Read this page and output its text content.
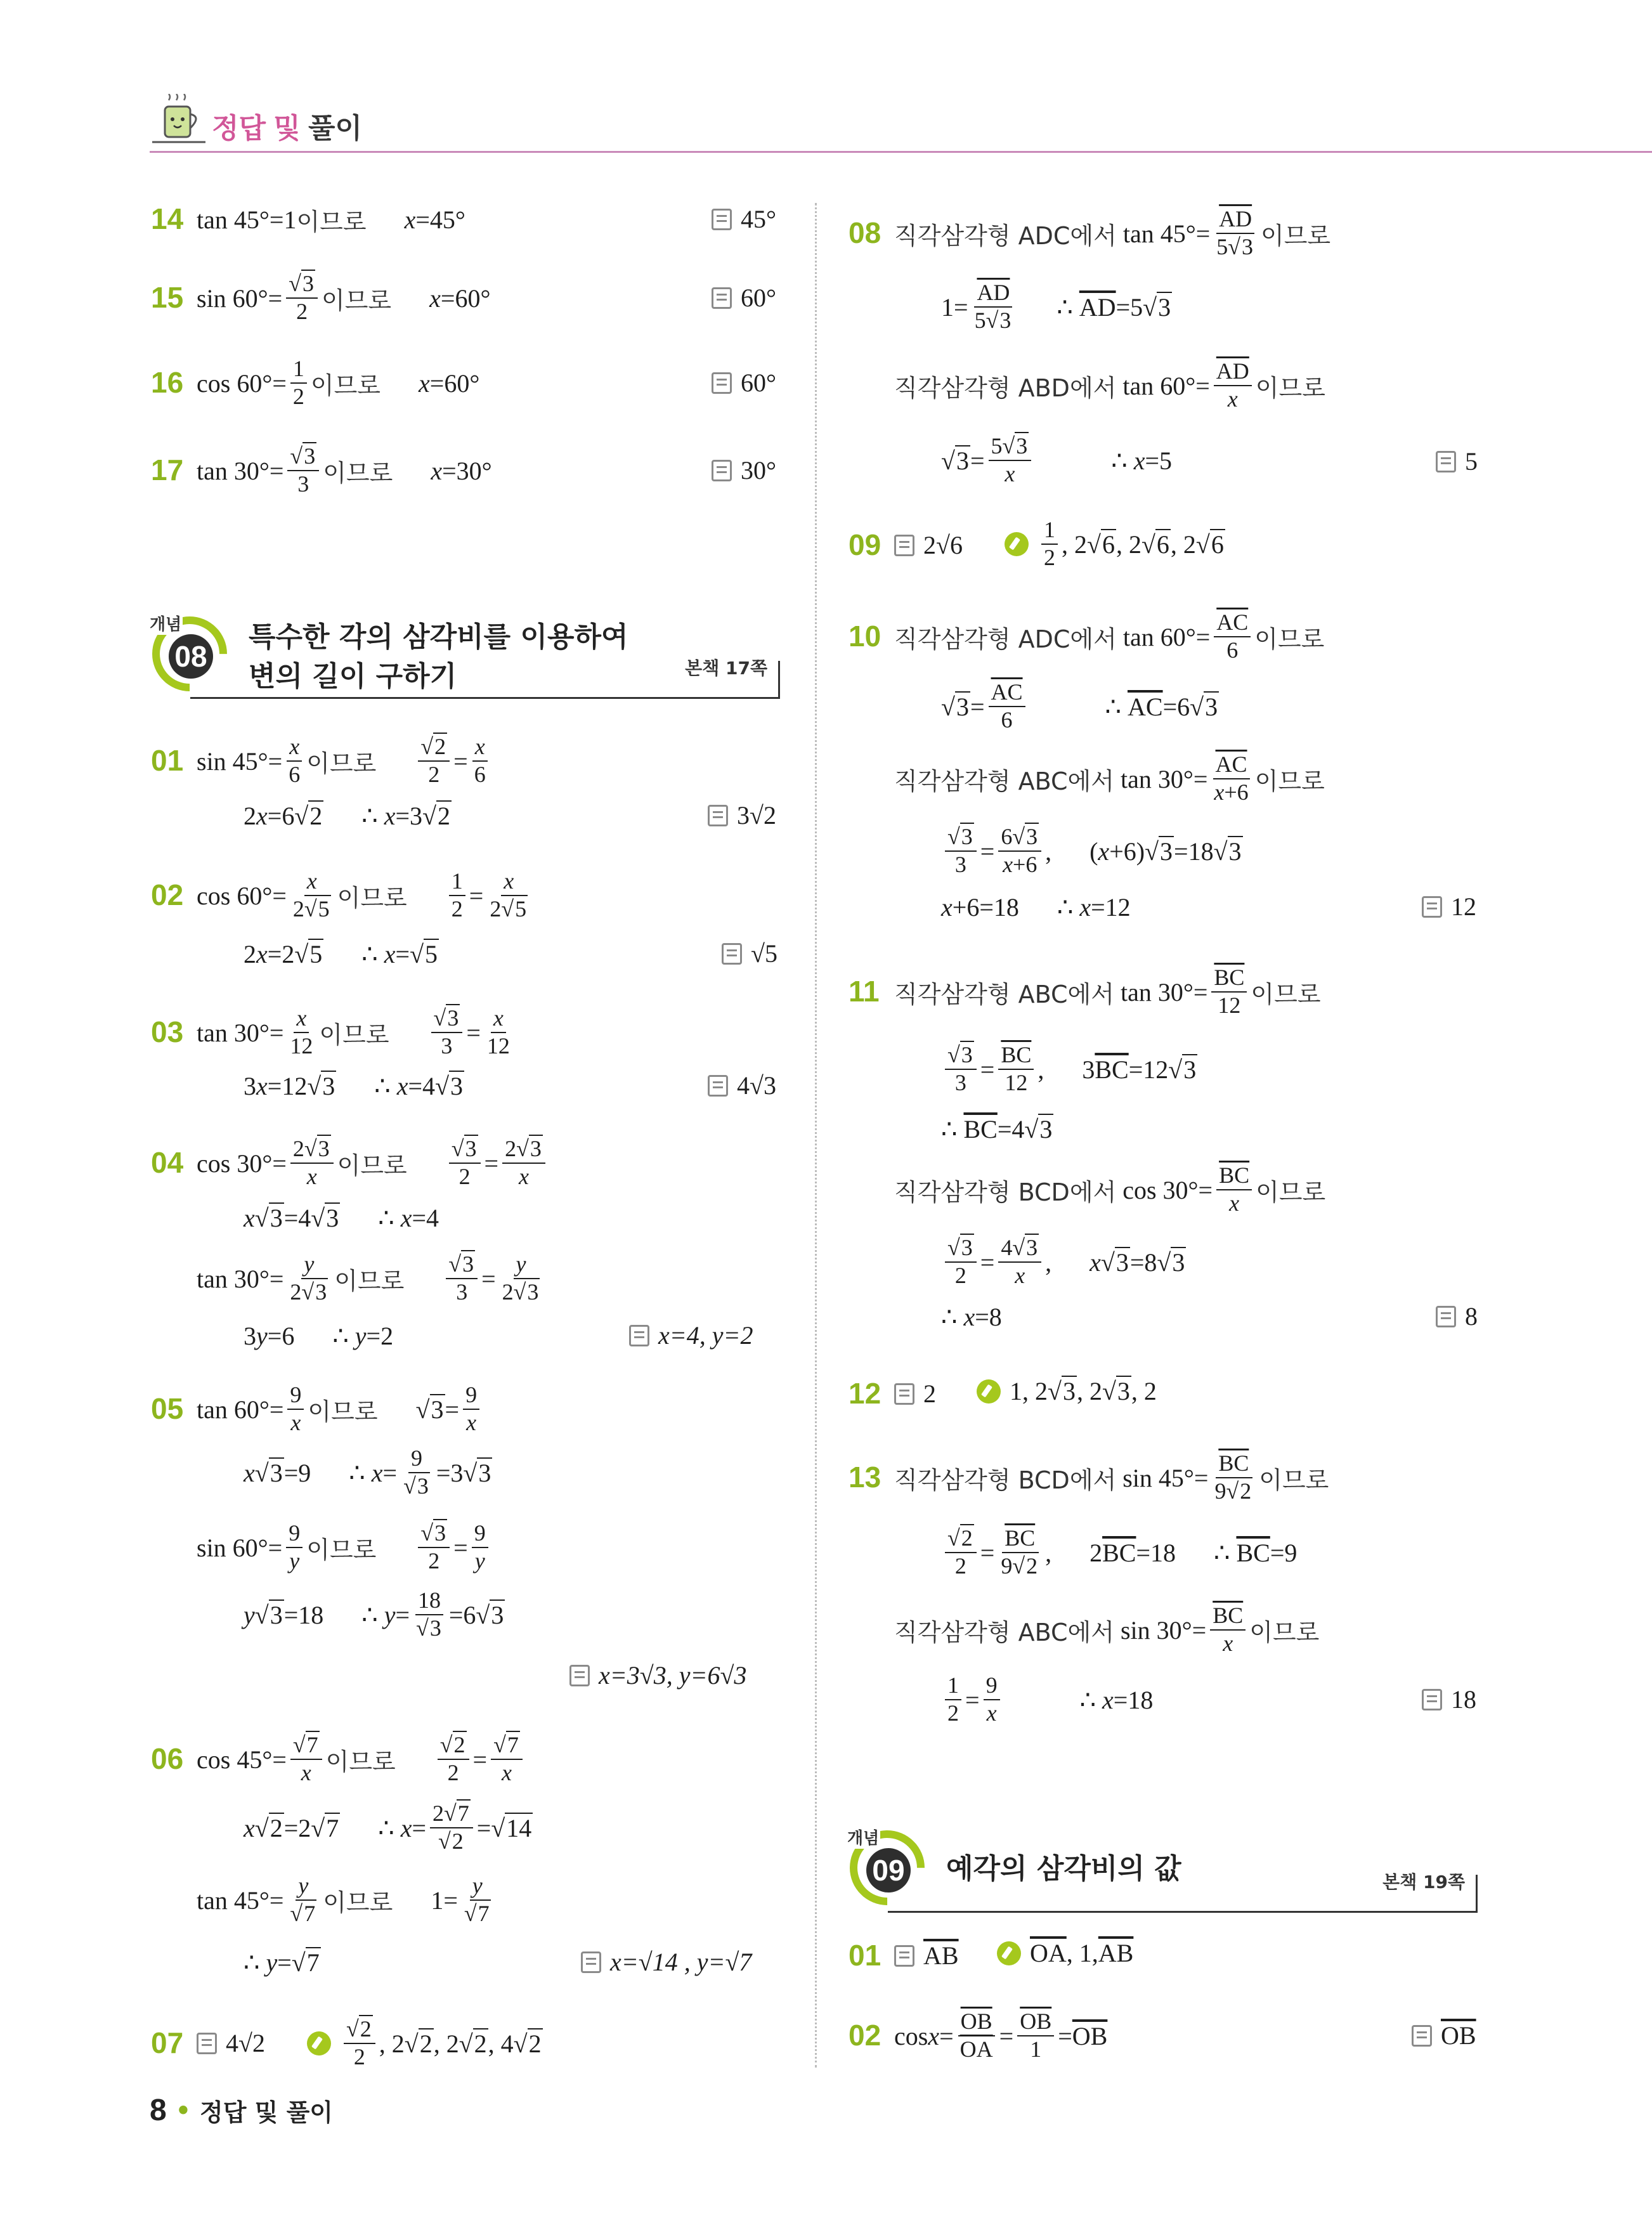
정답 및 풀이
14 tan 45° = 1 이므로 x =45°	45°
15 $\sin 60^\circ= \frac{√3}{2}$ 이므로 x =60°	60°
16 $\cos 60^\circ= \frac{1}{2}$ 이므로 x =60°	60°
17 $\tan 30^\circ= \frac{√3}{3}$ 이므로 x =30°	30°
08
개념 특수한 각의 삼각비를 이용하여
변의 길이 구하기	본책 17쪽
01 $\sin 45^\circ= \frac{x}{6}$ 이므로 $\frac{√2}{2} = \frac{x}{6}$
2 x =6 √2 ∴
x =3 √2	3√2
02 $\cos 60^\circ= \frac{x}{2√5}$ 이므로 $\frac{1}{2} = \frac{x}{2√5}$
2 x =2 √5 ∴
x = √5	√5
03 $\tan 30^\circ= \frac{x}{12}$ 이므로 $\frac{√3}{3} = \frac{x}{12}$
3 x =12 √3 ∴
x =4 √3	4√3
04 $\cos 30^\circ= \frac{2√3}{x}$ 이므로 $\frac{√3}{2} = \frac{2√3}{x}$
x √3 =4 √3 ∴
x =4
$\tan 30^\circ= \frac{y}{2√3}$ 이므로 $\frac{√3}{3} = \frac{y}{2√3}$
3 y =6 ∴
y =2	x=4, y=2
05 $\tan 60^\circ= \frac{9}{x}$ 이므로 $√3 = \frac{9}{x}$
x √3 =9 ∴
$x = \frac{9}{√3} =3$ √3
$\sin 60^\circ= \frac{9}{y}$ 이므로 $\frac{√3}{2} = \frac{9}{y}$
y √3 =18 ∴
$y = \frac{18}{√3} =6$ √3
x=3√3, y=6√3
06 $\cos 45^\circ= \frac{√7}{x}$ 이므로 $\frac{√2}{2} = \frac{√7}{x}$
x √2 =2 √7 ∴
$x = \frac{2√7}{√2} = √14$
$\tan 45^\circ= \frac{y}{√7}$ 이므로 $1= \frac{y}{√7}$
∴
y = √7	x=√14 , y=√7
07 4√2	$\frac{√2}{2}$ , 2 √2 , 2 √2 , 4 √2
08 직각삼각형 ADC에서 $\tan 45^\circ= \frac{\overline{AD}}{5√3}$ 이므로
$1= \frac{\overline{AD}}{5√3}$ ∴
$\overline{AD} =5$ √3
직각삼각형 ABD에서 $\tan 60^\circ= \frac{\overline{AD}}{x}$ 이므로
$√3 = \frac{5√3}{x}$	∴
x =5	5
09 2√6	$\frac{1}{2}$ , 2 √6 , 2 √6 , 2 √6
10 직각삼각형 ADC에서 $\tan 60^\circ= \frac{\overline{AC}}{6}$ 이므로
$√3 = \frac{\overline{AC}}{6}$	∴
$\overline{AC} =6$ √3
직각삼각형 ABC에서 $\tan 30^\circ= \frac{\overline{AC}}{x+6}$ 이므로
$\frac{√3}{3} = \frac{6√3}{x+6}$ , ( x +6) √3 =18 √3
x +6=18 ∴
x =12	12
11 직각삼각형 ABC에서 $\tan 30^\circ= \frac{\overline{BC}}{12}$ 이므로
$\frac{√3}{3} = \frac{\overline{BC}}{12}$ , 3 $\overline{BC} =12$ √3
∴
$\overline{BC} =4$ √3
직각삼각형 BCD에서 $\cos 30^\circ= \frac{\overline{BC}}{x}$ 이므로
$\frac{√3}{2} = \frac{4√3}{x}$ , x √3 =8 √3
∴
x =8	8
12 2	1, 2 √3 , 2 √3 , 2
13 직각삼각형 BCD에서 $\sin 45^\circ= \frac{\overline{BC}}{9√2}$ 이므로
$\frac{√2}{2} = \frac{\overline{BC}}{9√2}$ , 2 $\overline{BC} =18$ ∴
$\overline{BC} =9$
직각삼각형 ABC에서 $\sin 30^\circ= \frac{\overline{BC}}{x}$ 이므로
$\frac{1}{2} = \frac{9}{x}$	∴
x =18	18
09
개념
예각의 삼각비의 값	본책 19쪽
01 $\overline{AB}$	$\overline{OA}$ , 1, $\overline{AB}$
02 $\cos x = \frac{\overline{OB}}{OA} = \frac{\overline{OB}}{1} = \overline{OB}$	$\overline{OB}$
8 • 정답 및 풀이
